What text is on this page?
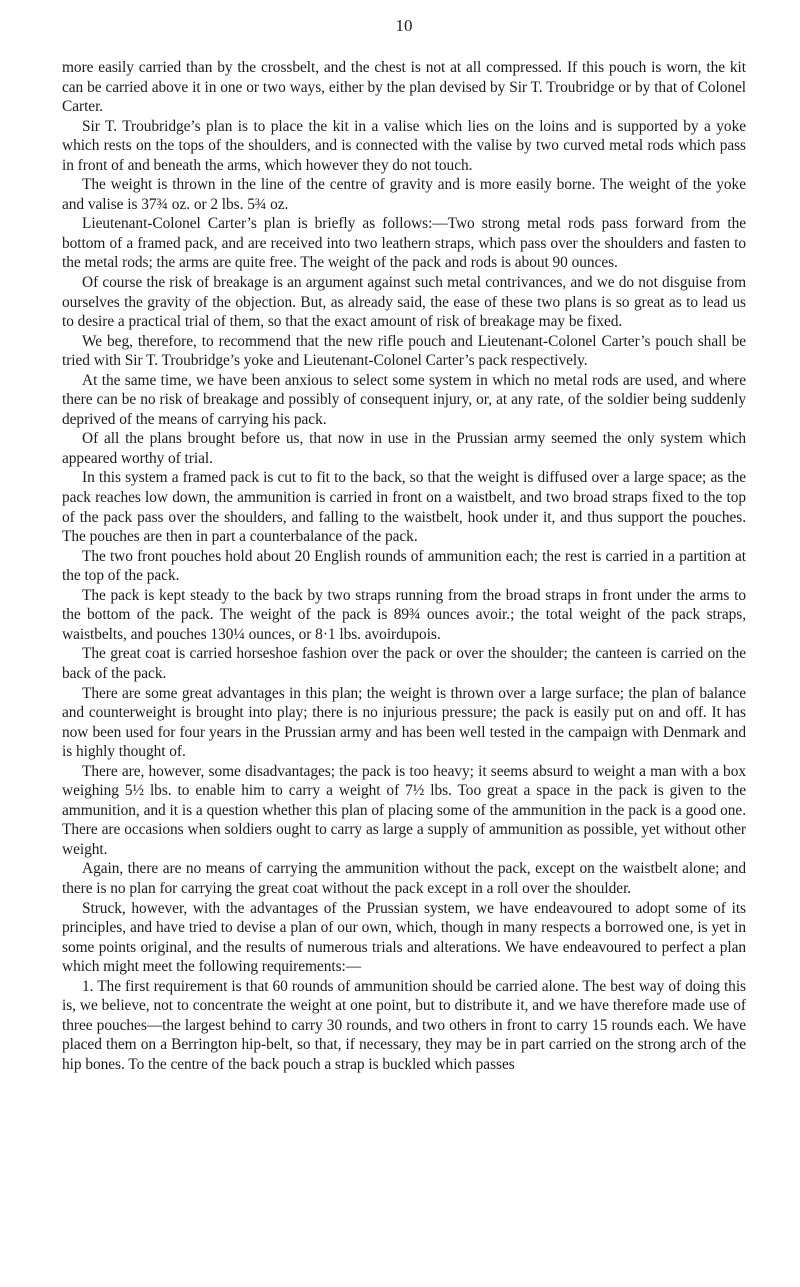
10

more easily carried than by the crossbelt, and the chest is not at all compressed. If this pouch is worn, the kit can be carried above it in one or two ways, either by the plan devised by Sir T. Troubridge or by that of Colonel Carter.

Sir T. Troubridge’s plan is to place the kit in a valise which lies on the loins and is supported by a yoke which rests on the tops of the shoulders, and is connected with the valise by two curved metal rods which pass in front of and beneath the arms, which however they do not touch.

The weight is thrown in the line of the centre of gravity and is more easily borne. The weight of the yoke and valise is 37¾ oz. or 2 lbs. 5¾ oz.

Lieutenant-Colonel Carter’s plan is briefly as follows:—Two strong metal rods pass forward from the bottom of a framed pack, and are received into two leathern straps, which pass over the shoulders and fasten to the metal rods; the arms are quite free. The weight of the pack and rods is about 90 ounces.

Of course the risk of breakage is an argument against such metal contrivances, and we do not disguise from ourselves the gravity of the objection. But, as already said, the ease of these two plans is so great as to lead us to desire a practical trial of them, so that the exact amount of risk of breakage may be fixed.

We beg, therefore, to recommend that the new rifle pouch and Lieutenant-Colonel Carter’s pouch shall be tried with Sir T. Troubridge’s yoke and Lieutenant-Colonel Carter’s pack respectively.

At the same time, we have been anxious to select some system in which no metal rods are used, and where there can be no risk of breakage and possibly of consequent injury, or, at any rate, of the soldier being suddenly deprived of the means of carrying his pack.

Of all the plans brought before us, that now in use in the Prussian army seemed the only system which appeared worthy of trial.

In this system a framed pack is cut to fit to the back, so that the weight is diffused over a large space; as the pack reaches low down, the ammunition is carried in front on a waistbelt, and two broad straps fixed to the top of the pack pass over the shoulders, and falling to the waistbelt, hook under it, and thus support the pouches. The pouches are then in part a counterbalance of the pack.

The two front pouches hold about 20 English rounds of ammunition each; the rest is carried in a partition at the top of the pack.

The pack is kept steady to the back by two straps running from the broad straps in front under the arms to the bottom of the pack. The weight of the pack is 89¾ ounces avoir.; the total weight of the pack straps, waistbelts, and pouches 130¼ ounces, or 8·1 lbs. avoirdupois.

The great coat is carried horseshoe fashion over the pack or over the shoulder; the canteen is carried on the back of the pack.

There are some great advantages in this plan; the weight is thrown over a large surface; the plan of balance and counterweight is brought into play; there is no injurious pressure; the pack is easily put on and off. It has now been used for four years in the Prussian army and has been well tested in the campaign with Denmark and is highly thought of.

There are, however, some disadvantages; the pack is too heavy; it seems absurd to weight a man with a box weighing 5½ lbs. to enable him to carry a weight of 7½ lbs. Too great a space in the pack is given to the ammunition, and it is a question whether this plan of placing some of the ammunition in the pack is a good one. There are occasions when soldiers ought to carry as large a supply of ammunition as possible, yet without other weight.

Again, there are no means of carrying the ammunition without the pack, except on the waistbelt alone; and there is no plan for carrying the great coat without the pack except in a roll over the shoulder.

Struck, however, with the advantages of the Prussian system, we have endeavoured to adopt some of its principles, and have tried to devise a plan of our own, which, though in many respects a borrowed one, is yet in some points original, and the results of numerous trials and alterations. We have endeavoured to perfect a plan which might meet the following requirements:—

1. The first requirement is that 60 rounds of ammunition should be carried alone. The best way of doing this is, we believe, not to concentrate the weight at one point, but to distribute it, and we have therefore made use of three pouches—the largest behind to carry 30 rounds, and two others in front to carry 15 rounds each. We have placed them on a Berrington hip-belt, so that, if necessary, they may be in part carried on the strong arch of the hip bones. To the centre of the back pouch a strap is buckled which passes
